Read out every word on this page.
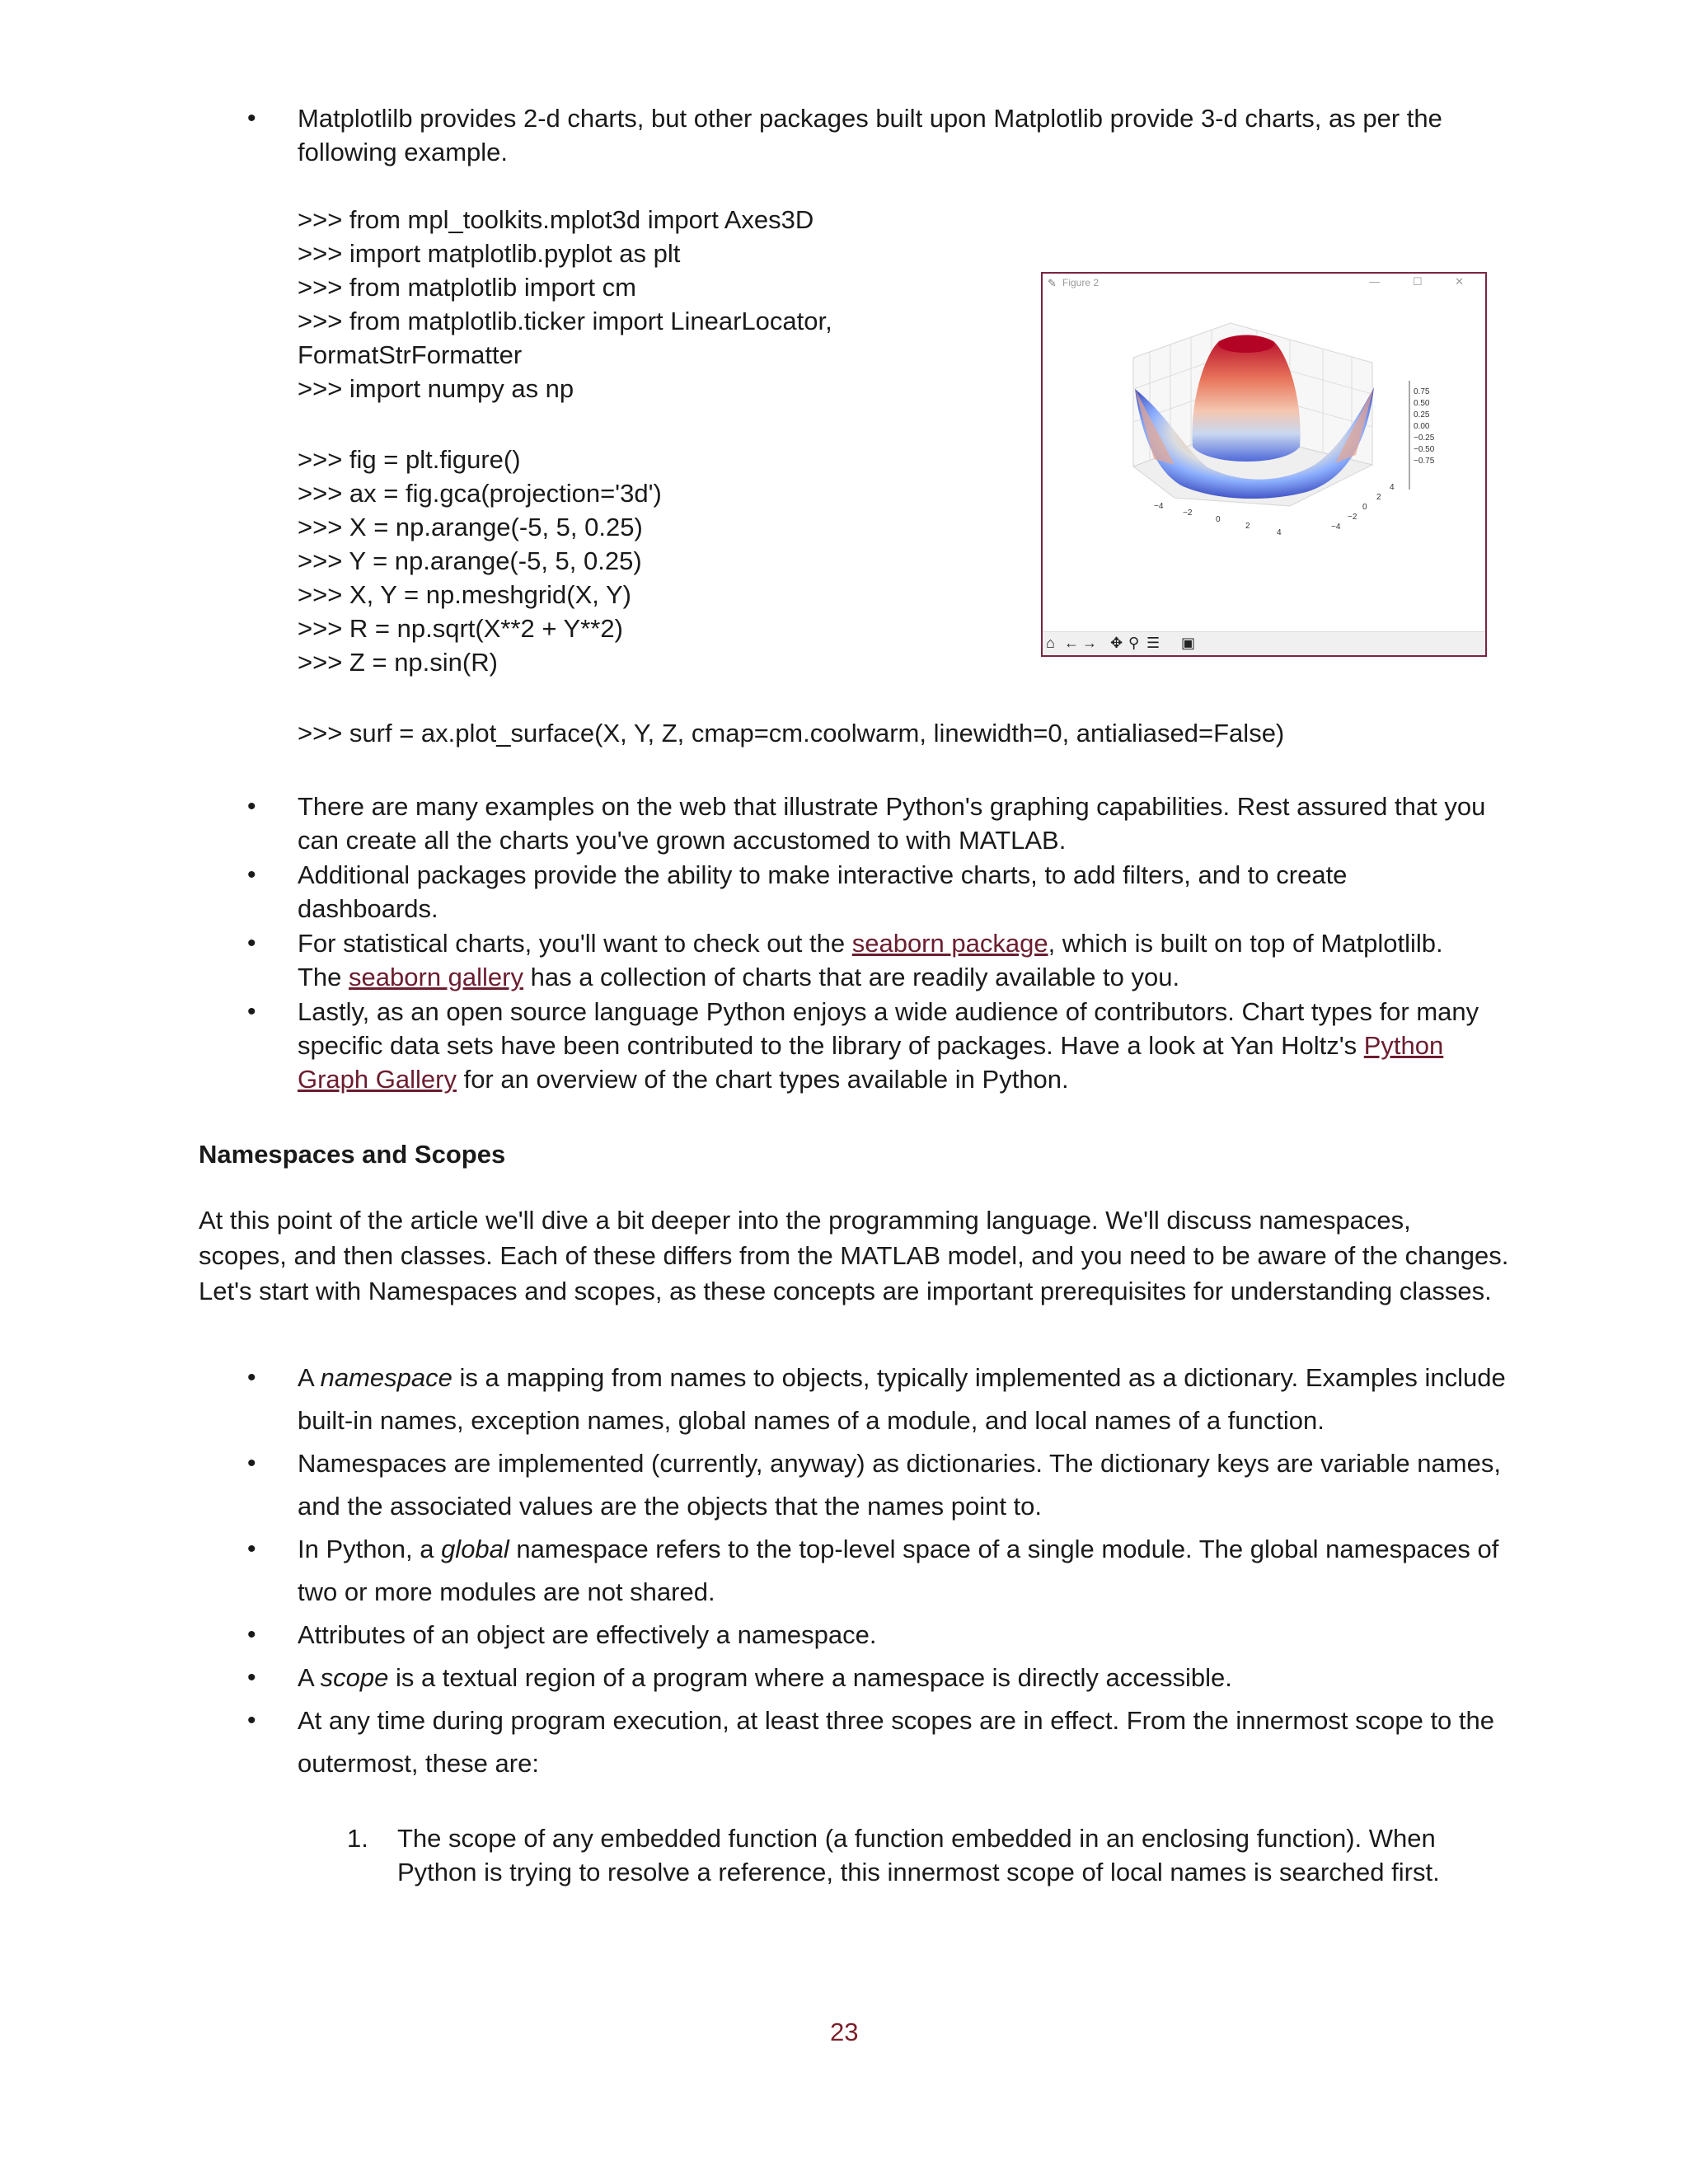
• Matplotlilb provides 2-d charts, but other packages built upon Matplotlib provide 3-d charts, as per the
following example.
>>> from mpl_toolkits.mplot3d import Axes3D
>>> import matplotlib.pyplot as plt
>>> from matplotlib import cm
>>> from matplotlib.ticker import LinearLocator,
FormatStrFormatter
>>> import numpy as np
>>> fig = plt.figure()
>>> ax = fig.gca(projection='3d')
>>> X = np.arange(-5, 5, 0.25)
>>> Y = np.arange(-5, 5, 0.25)
>>> X, Y = np.meshgrid(X, Y)
>>> R = np.sqrt(X**2 + Y**2)
>>> Z = np.sin(R)
>>> surf = ax.plot_surface(X, Y, Z, cmap=cm.coolwarm, linewidth=0, antialiased=False)
✎ Figure 2	— ☐ ✕
0.75
0.50
0.25
0.00
−0.25
−0.50
−0.75
−4
−2
0
2
4
−4
−2
0
2
4
⌂ ← → ✥ ⚲ ☰ ▣
• There are many examples on the web that illustrate Python's graphing capabilities. Rest assured that you
can create all the charts you've grown accustomed to with MATLAB.
• Additional packages provide the ability to make interactive charts, to add filters, and to create
dashboards.
• For statistical charts, you'll want to check out the seaborn package, which is built on top of Matplotlilb.
The seaborn gallery has a collection of charts that are readily available to you.
• Lastly, as an open source language Python enjoys a wide audience of contributors. Chart types for many
specific data sets have been contributed to the library of packages. Have a look at Yan Holtz's Python
Graph Gallery for an overview of the chart types available in Python.
Namespaces and Scopes
At this point of the article we'll dive a bit deeper into the programming language. We'll discuss namespaces,
scopes, and then classes. Each of these differs from the MATLAB model, and you need to be aware of the changes.
Let's start with Namespaces and scopes, as these concepts are important prerequisites for understanding classes.
• A namespace is a mapping from names to objects, typically implemented as a dictionary. Examples include
built-in names, exception names, global names of a module, and local names of a function.
• Namespaces are implemented (currently, anyway) as dictionaries. The dictionary keys are variable names,
and the associated values are the objects that the names point to.
• In Python, a global namespace refers to the top-level space of a single module. The global namespaces of
two or more modules are not shared.
• Attributes of an object are effectively a namespace.
• A scope is a textual region of a program where a namespace is directly accessible.
• At any time during program execution, at least three scopes are in effect. From the innermost scope to the
outermost, these are:
1. The scope of any embedded function (a function embedded in an enclosing function). When
Python is trying to resolve a reference, this innermost scope of local names is searched first.
23
